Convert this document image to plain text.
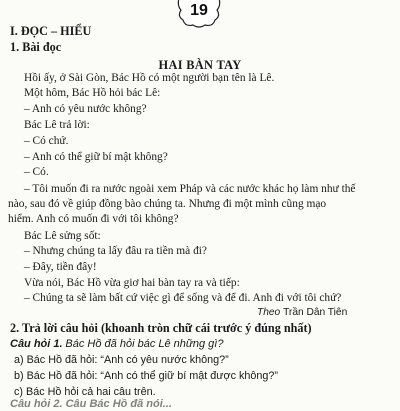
19
I. ĐỌC – HIỂU
1. Bài đọc
HAI BÀN TAY
Hồi ấy, ở Sài Gòn, Bác Hồ có một người bạn tên là Lê.
Một hôm, Bác Hồ hỏi bác Lê:
– Anh có yêu nước không?
Bác Lê trả lời:
– Có chứ.
– Anh có thể giữ bí mật không?
– Có.
– Tôi muốn đi ra nước ngoài xem Pháp và các nước khác họ làm như thế
nào, sau đó về giúp đồng bào chúng ta. Nhưng đi một mình cũng mạo
hiểm. Anh có muốn đi với tôi không?
Bác Lê sửng sốt:
– Nhưng chúng ta lấy đâu ra tiền mà đi?
– Đây, tiền đây!
Vừa nói, Bác Hồ vừa giơ hai bàn tay ra và tiếp:
– Chúng ta sẽ làm bất cứ việc gì để sống và để đi. Anh đi với tôi chứ?
Theo Trần Dân Tiên
2. Trả lời câu hỏi (khoanh tròn chữ cái trước ý đúng nhất)
Câu hỏi 1. Bác Hồ đã hỏi bác Lê những gì?
a) Bác Hồ đã hỏi: “Anh có yêu nước không?”
b) Bác Hồ đã hỏi: “Anh có thể giữ bí mật được không?”
c) Bác Hồ hỏi cả hai câu trên.
Câu hỏi 2. Câu Bác Hồ đã nói...
